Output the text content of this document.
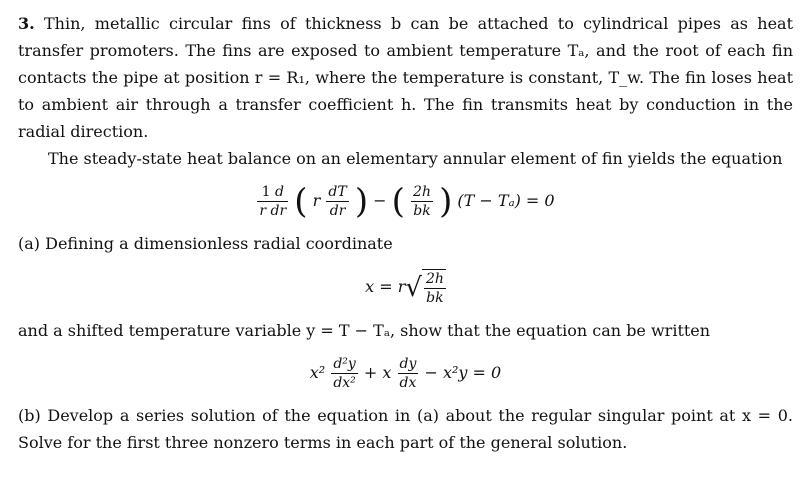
3. Thin, metallic circular fins of thickness b can be attached to cylindrical pipes as heat transfer promoters. The fins are exposed to ambient temperature Tₐ, and the root of each fin contacts the pipe at position r = R₁, where the temperature is constant, T_w. The fin loses heat to ambient air through a transfer coefficient h. The fin transmits heat by conduction in the radial direction.

The steady-state heat balance on an elementary annular element of fin yields the equation

$\frac{1 d}{\text{r dr}}$ ( r $\frac{dT}{dr}$ ) − ( $\frac{2h}{bk}$ ) (T − Tₐ) = 0

(a) Defining a dimensionless radial coordinate

$x = r√ \frac{2h}{bk}$

and a shifted temperature variable y = T − Tₐ, show that the equation can be written

$x^2 \frac{\text{d²y}}{\text{dx²}} + x \frac{dy}{dx} - x^2y = 0$

(b) Develop a series solution of the equation in (a) about the regular singular point at x = 0. Solve for the first three nonzero terms in each part of the general solution.
